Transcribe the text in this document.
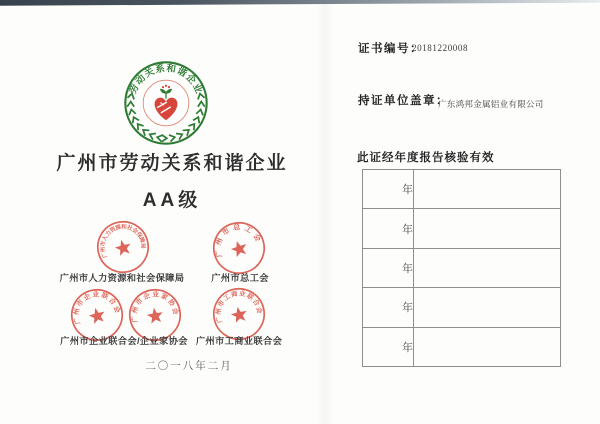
劳动关系和谐企业
广州市劳动关系和谐企业
AA级
广州市人力资源和社会保障局
广州市总工会
广州市企业联合会
广州市企业家协会
广州市工商业联合会
广州市人力资源和社会保障局	广州市总工会
广州市企业联合会/企业家协会 广州市工商业联合会
二〇一八年二月
证书编号：
20181220008
持证单位盖章：
广东鸿邦金属铝业有限公司
此证经年度报告核验有效
年	
年	
年	
年	
年	
